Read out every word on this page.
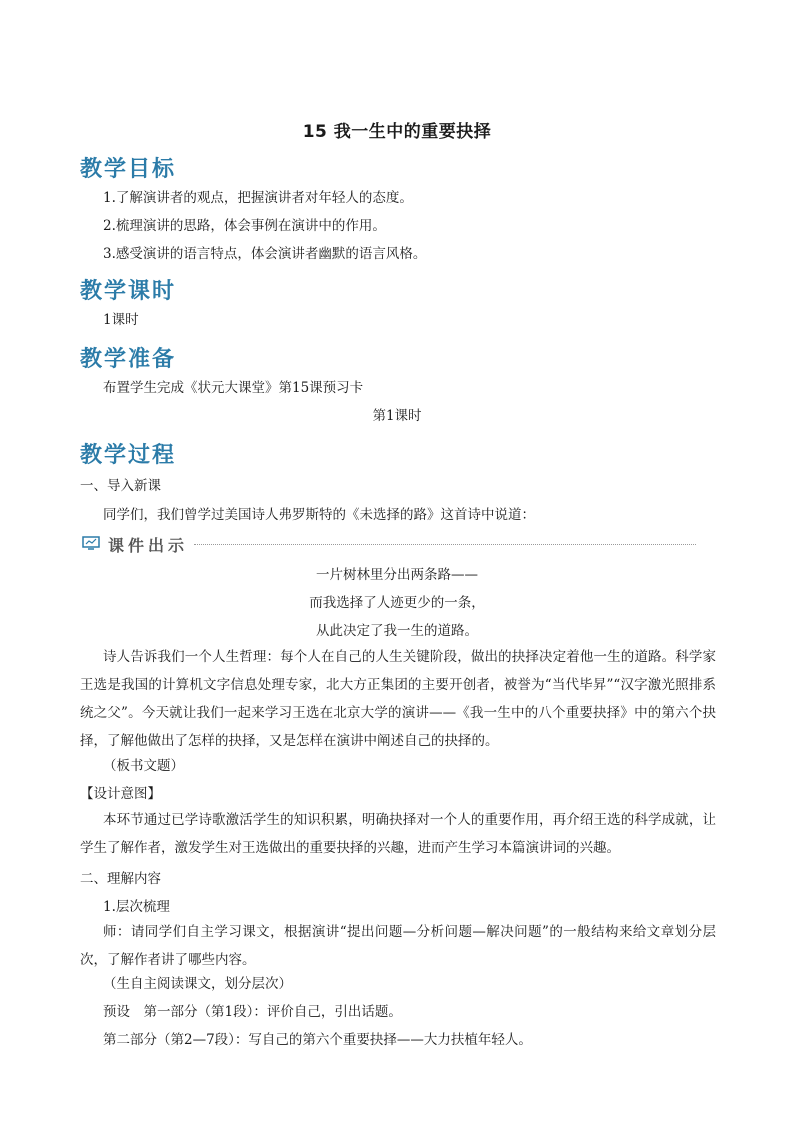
15 我一生中的重要抉择
教学目标
1.了解演讲者的观点，把握演讲者对年轻人的态度。
2.梳理演讲的思路，体会事例在演讲中的作用。
3.感受演讲的语言特点，体会演讲者幽默的语言风格。
教学课时
1课时
教学准备
布置学生完成《状元大课堂》第15课预习卡
第1课时
教学过程
一、导入新课
同学们，我们曾学过美国诗人弗罗斯特的《未选择的路》这首诗中说道：
课件出示
一片树林里分出两条路——
而我选择了人迹更少的一条，
从此决定了我一生的道路。
诗人告诉我们一个人生哲理：每个人在自己的人生关键阶段，做出的抉择决定着他一生的道路。科学家王选是我国的计算机文字信息处理专家，北大方正集团的主要开创者，被誉为“当代毕昇”“汉字激光照排系统之父”。今天就让我们一起来学习王选在北京大学的演讲——《我一生中的八个重要抉择》中的第六个抉择，了解他做出了怎样的抉择，又是怎样在演讲中阐述自己的抉择的。
（板书文题）
【设计意图】
本环节通过已学诗歌激活学生的知识积累，明确抉择对一个人的重要作用，再介绍王选的科学成就，让学生了解作者，激发学生对王选做出的重要抉择的兴趣，进而产生学习本篇演讲词的兴趣。
二、理解内容
1.层次梳理
师：请同学们自主学习课文，根据演讲“提出问题—分析问题—解决问题”的一般结构来给文章划分层次，了解作者讲了哪些内容。
（生自主阅读课文，划分层次）
预设　第一部分（第1段）：评价自己，引出话题。
第二部分（第2—7段）：写自己的第六个重要抉择——大力扶植年轻人。
